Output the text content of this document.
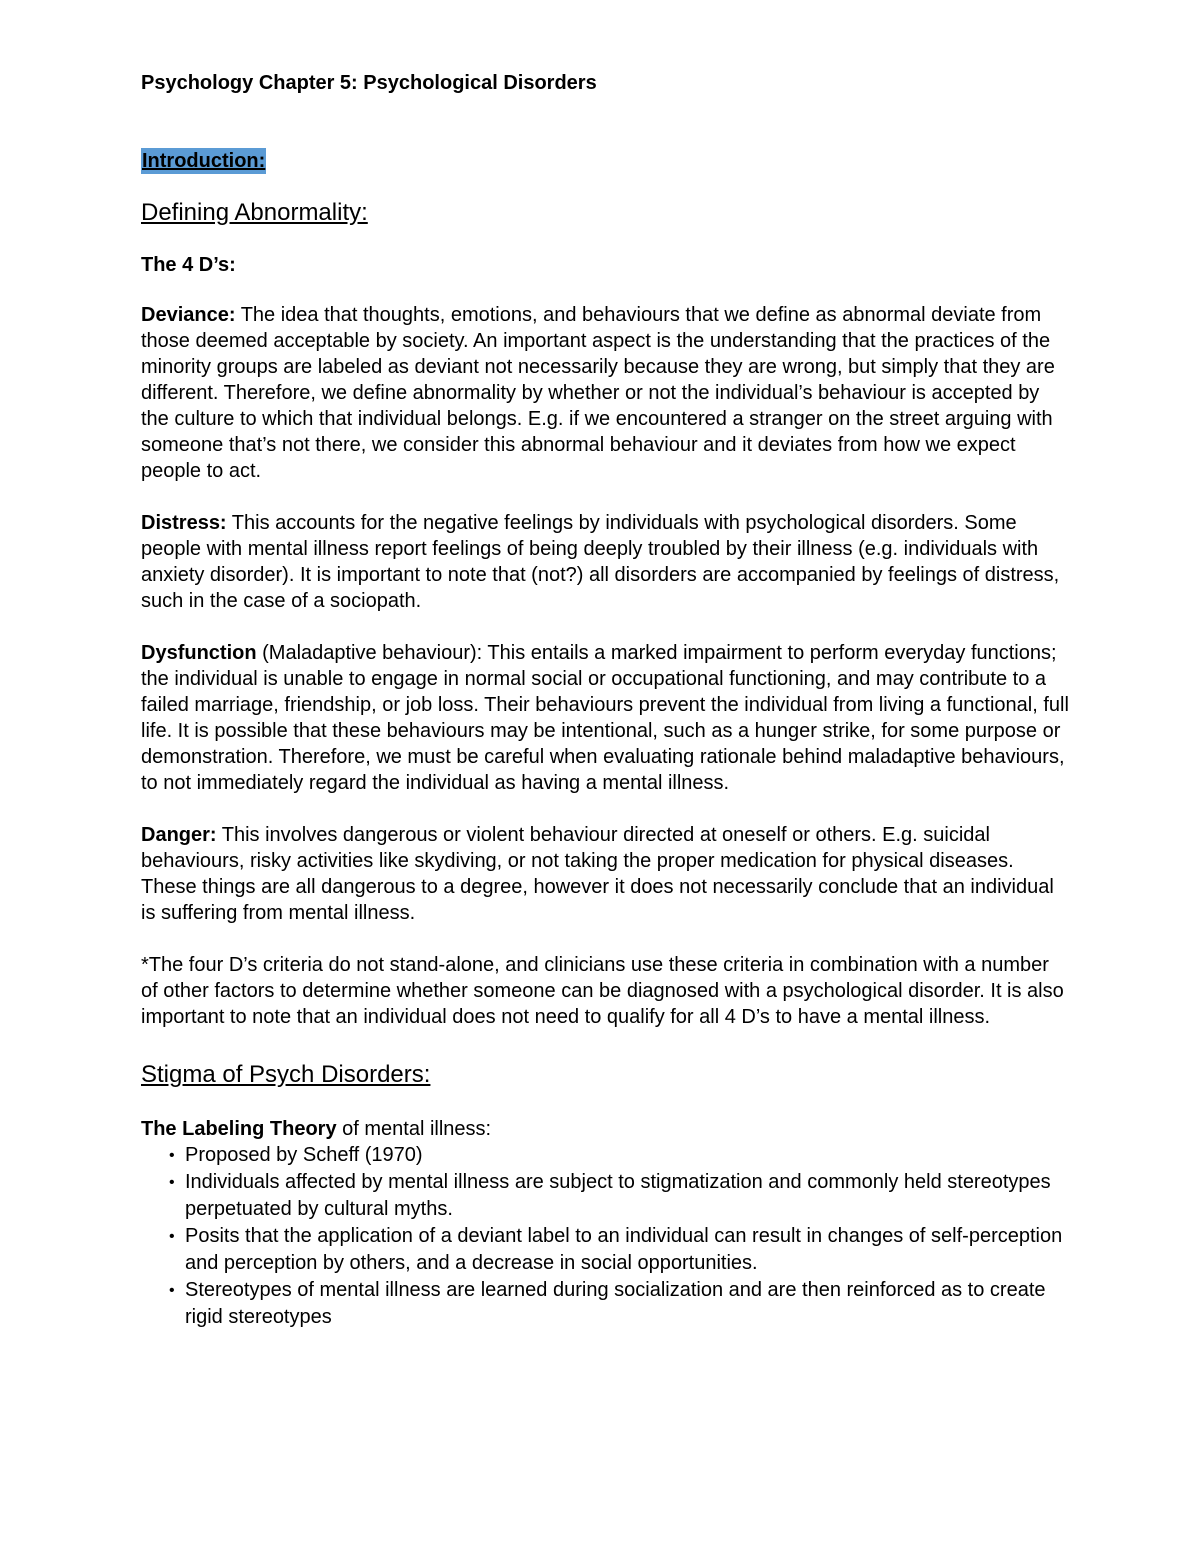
Psychology Chapter 5: Psychological Disorders

Introduction:

Defining Abnormality:

The 4 D’s:

Deviance: The idea that thoughts, emotions, and behaviours that we define as abnormal deviate from those deemed acceptable by society. An important aspect is the understanding that the practices of the minority groups are labeled as deviant not necessarily because they are wrong, but simply that they are different. Therefore, we define abnormality by whether or not the individual’s behaviour is accepted by the culture to which that individual belongs. E.g. if we encountered a stranger on the street arguing with someone that’s not there, we consider this abnormal behaviour and it deviates from how we expect people to act.

Distress: This accounts for the negative feelings by individuals with psychological disorders. Some people with mental illness report feelings of being deeply troubled by their illness (e.g. individuals with anxiety disorder). It is important to note that (not?) all disorders are accompanied by feelings of distress, such in the case of a sociopath.

Dysfunction (Maladaptive behaviour): This entails a marked impairment to perform everyday functions; the individual is unable to engage in normal social or occupational functioning, and may contribute to a failed marriage, friendship, or job loss. Their behaviours prevent the individual from living a functional, full life. It is possible that these behaviours may be intentional, such as a hunger strike, for some purpose or demonstration. Therefore, we must be careful when evaluating rationale behind maladaptive behaviours, to not immediately regard the individual as having a mental illness.

Danger: This involves dangerous or violent behaviour directed at oneself or others. E.g. suicidal behaviours, risky activities like skydiving, or not taking the proper medication for physical diseases. These things are all dangerous to a degree, however it does not necessarily conclude that an individual is suffering from mental illness.

*The four D’s criteria do not stand-alone, and clinicians use these criteria in combination with a number of other factors to determine whether someone can be diagnosed with a psychological disorder. It is also important to note that an individual does not need to qualify for all 4 D’s to have a mental illness.

Stigma of Psych Disorders:

The Labeling Theory of mental illness:

• Proposed by Scheff (1970)
• Individuals affected by mental illness are subject to stigmatization and commonly held stereotypes perpetuated by cultural myths.
• Posits that the application of a deviant label to an individual can result in changes of self-perception and perception by others, and a decrease in social opportunities.
• Stereotypes of mental illness are learned during socialization and are then reinforced as to create rigid stereotypes
